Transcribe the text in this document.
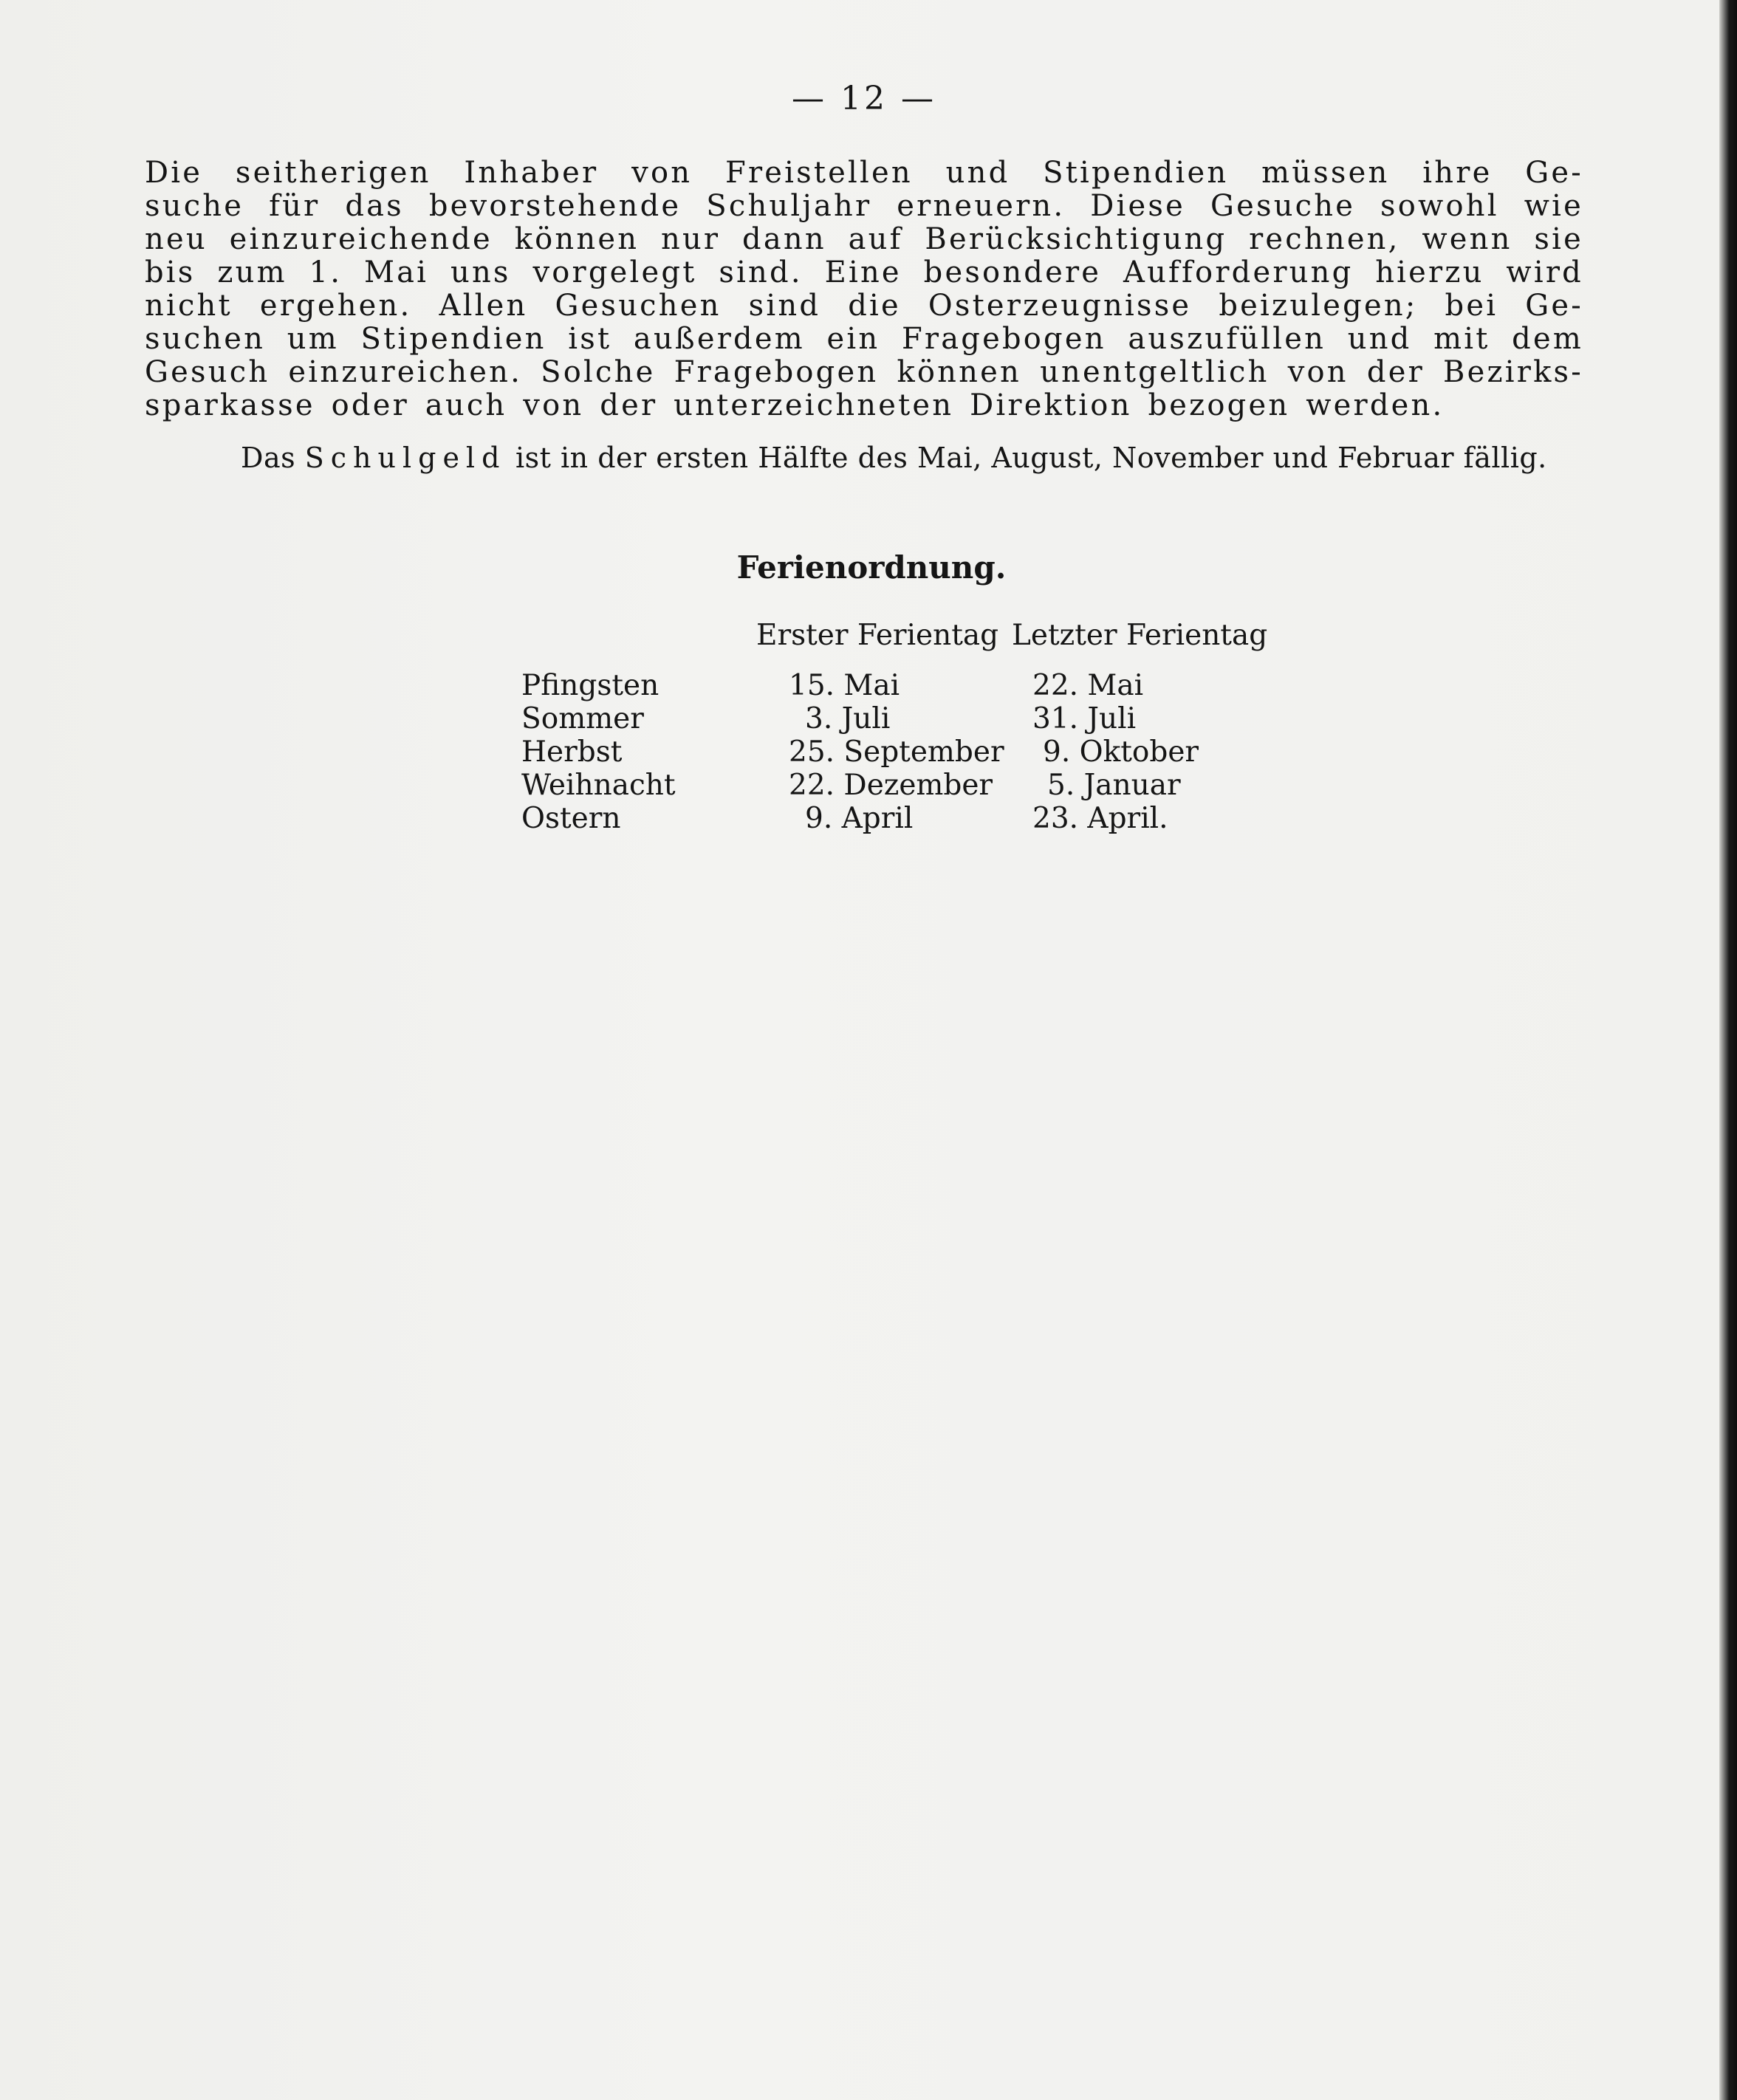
— 12 —
Die seitherigen Inhaber von Freistellen und Stipendien müssen ihre Ge-
suche für das bevorstehende Schuljahr erneuern. Diese Gesuche sowohl wie
neu einzureichende können nur dann auf Berücksichtigung rechnen, wenn sie
bis zum 1. Mai uns vorgelegt sind. Eine besondere Aufforderung hierzu wird
nicht ergehen. Allen Gesuchen sind die Osterzeugnisse beizulegen; bei Ge-
suchen um Stipendien ist außerdem ein Fragebogen auszufüllen und mit dem
Gesuch einzureichen. Solche Fragebogen können unentgeltlich von der Bezirks-
sparkasse oder auch von der unterzeichneten Direktion bezogen werden.
Das Schulgeld ist in der ersten Hälfte des Mai, August, November und Februar fällig.
Ferienordnung.
Erster Ferientag Letzter Ferientag
Pfingsten	15. Mai	22. Mai
Sommer	3. Juli	31. Juli
Herbst	25. September 9. Oktober
Weihnacht	22. Dezember 5. Januar
Ostern	9. April	23. April.
